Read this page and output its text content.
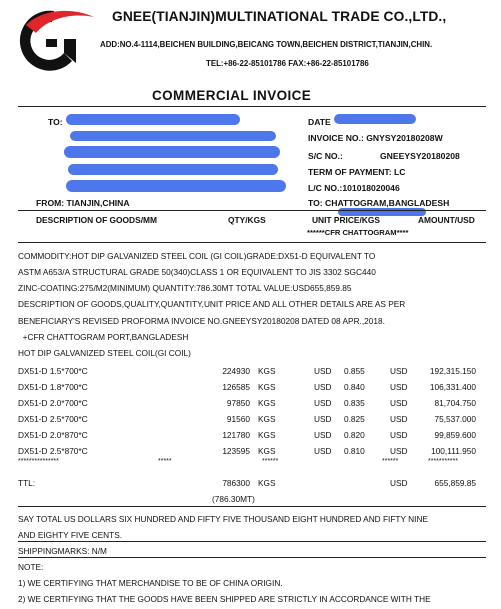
GNEE(TIANJIN)MULTINATIONAL TRADE CO.,LTD.,
ADD:NO.4-1114,BEICHEN BUILDING,BEICANG TOWN,BEICHEN DISTRICT,TIANJIN,CHIN.
TEL:+86-22-85101786 FAX:+86-22-85101786
COMMERCIAL INVOICE
TO:	DATE
INVOICE NO.: GNYSY20180208W
S/C NO.:	GNEEYSY20180208
TERM OF PAYMENT: LC
L/C NO.:101018020046
FROM: TIANJIN,CHINA	TO: CHATTOGRAM,BANGLADESH
DESCRIPTION OF GOODS/MM	QTY/KGS	UNIT PRICE/KGS	AMOUNT/USD
******CFR CHATTOGRAM****
COMMODITY:HOT DIP GALVANIZED STEEL COIL (GI COIL)GRADE:DX51-D EQUIVALENT TO
ASTM A653/A STRUCTURAL GRADE 50(340)CLASS 1 OR EQUIVALENT TO JIS 3302 SGC440
ZINC-COATING:275/M2(MINIMUM) QUANTITY:786.30MT TOTAL VALUE:USD655,859.85
DESCRIPTION OF GOODS,QUALITY,QUANTITY,UNIT PRICE AND ALL OTHER DETAILS ARE AS PER
BENEFICIARY'S REVISED PROFORMA INVOICE NO.GNEEYSY20180208 DATED 08 APR.,2018.
+CFR CHATTOGRAM PORT,BANGLADESH
HOT DIP GALVANIZED STEEL COIL(GI COIL)
DX51-D 1.5*700*C	224930 KGS	USD 0.855	USD	192,315.150
DX51-D 1.8*700*C	126585 KGS	USD 0.840	USD	106,331.400
DX51-D 2.0*700*C	97850 KGS	USD 0.835	USD	81,704.750
DX51-D 2.5*700*C	91560 KGS	USD 0.825	USD	75,537.000
DX51-D 2.0*870*C	121780 KGS	USD 0.820	USD	99,859.600
DX51-D 2.5*870*C	123595 KGS	USD 0.810	USD	100,111.950
***************	*****	******	******	***********
TTL:	786300 KGS	USD	655,859.85
(786.30MT)
SAY TOTAL US DOLLARS SIX HUNDRED AND FIFTY FIVE THOUSAND EIGHT HUNDRED AND FIFTY NINE
AND EIGHTY FIVE CENTS.
SHIPPINGMARKS: N/M
NOTE:
1) WE CERTIFYING THAT MERCHANDISE TO BE OF CHINA ORIGIN.
2) WE CERTIFYING THAT THE GOODS HAVE BEEN SHIPPED ARE STRICTLY IN ACCORDANCE WITH THE
